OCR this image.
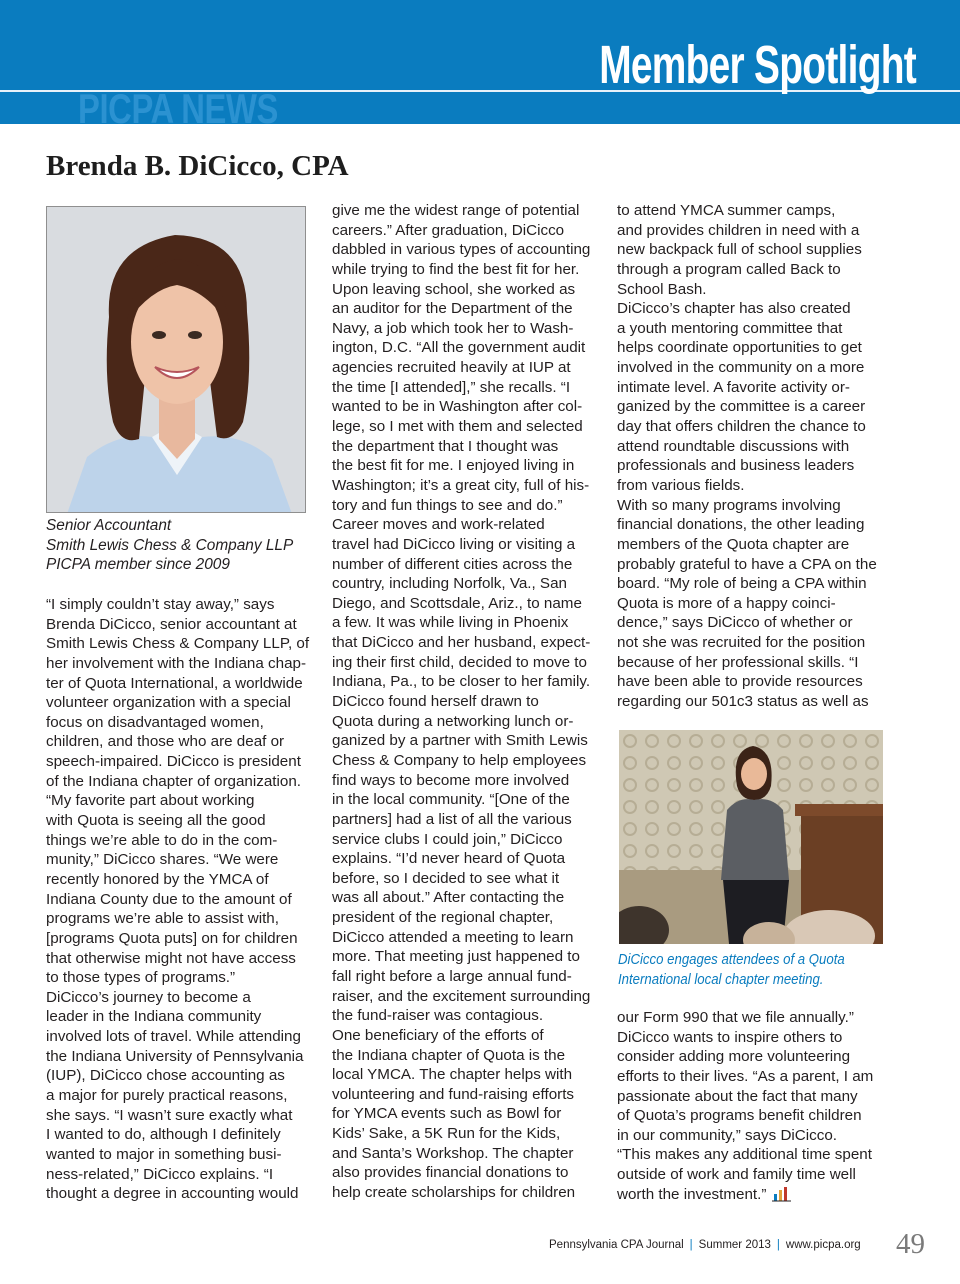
Member Spotlight
PICPA NEWS
Brenda B. DiCicco, CPA
Senior Accountant
Smith Lewis Chess & Company LLP
PICPA member since 2009
“I simply couldn’t stay away,” says
Brenda DiCicco, senior accountant at
Smith Lewis Chess & Company LLP, of
her involvement with the Indiana chap-
ter of Quota International, a worldwide
volunteer organization with a special
focus on disadvantaged women,
children, and those who are deaf or
speech-impaired. DiCicco is president
of the Indiana chapter of organization.
“My favorite part about working
with Quota is seeing all the good
things we’re able to do in the com-
munity,” DiCicco shares. “We were
recently honored by the YMCA of
Indiana County due to the amount of
programs we’re able to assist with,
[programs Quota puts] on for children
that otherwise might not have access
to those types of programs.”
DiCicco’s journey to become a
leader in the Indiana community
involved lots of travel. While attending
the Indiana University of Pennsylvania
(IUP), DiCicco chose accounting as
a major for purely practical reasons,
she says. “I wasn’t sure exactly what
I wanted to do, although I definitely
wanted to major in something busi-
ness-related,” DiCicco explains. “I
thought a degree in accounting would
give me the widest range of potential
careers.” After graduation, DiCicco
dabbled in various types of accounting
while trying to find the best fit for her.
Upon leaving school, she worked as
an auditor for the Department of the
Navy, a job which took her to Wash-
ington, D.C. “All the government audit
agencies recruited heavily at IUP at
the time [I attended],” she recalls. “I
wanted to be in Washington after col-
lege, so I met with them and selected
the department that I thought was
the best fit for me. I enjoyed living in
Washington; it’s a great city, full of his-
tory and fun things to see and do.”
Career moves and work-related
travel had DiCicco living or visiting a
number of different cities across the
country, including Norfolk, Va., San
Diego, and Scottsdale, Ariz., to name
a few. It was while living in Phoenix
that DiCicco and her husband, expect-
ing their first child, decided to move to
Indiana, Pa., to be closer to her family.
DiCicco found herself drawn to
Quota during a networking lunch or-
ganized by a partner with Smith Lewis
Chess & Company to help employees
find ways to become more involved
in the local community. “[One of the
partners] had a list of all the various
service clubs I could join,” DiCicco
explains. “I’d never heard of Quota
before, so I decided to see what it
was all about.” After contacting the
president of the regional chapter,
DiCicco attended a meeting to learn
more. That meeting just happened to
fall right before a large annual fund-
raiser, and the excitement surrounding
the fund-raiser was contagious.
One beneficiary of the efforts of
the Indiana chapter of Quota is the
local YMCA. The chapter helps with
volunteering and fund-raising efforts
for YMCA events such as Bowl for
Kids’ Sake, a 5K Run for the Kids,
and Santa’s Workshop. The chapter
also provides financial donations to
help create scholarships for children
to attend YMCA summer camps,
and provides children in need with a
new backpack full of school supplies
through a program called Back to
School Bash.
DiCicco’s chapter has also created
a youth mentoring committee that
helps coordinate opportunities to get
involved in the community on a more
intimate level. A favorite activity or-
ganized by the committee is a career
day that offers children the chance to
attend roundtable discussions with
professionals and business leaders
from various fields.
With so many programs involving
financial donations, the other leading
members of the Quota chapter are
probably grateful to have a CPA on the
board. “My role of being a CPA within
Quota is more of a happy coinci-
dence,” says DiCicco of whether or
not she was recruited for the position
because of her professional skills. “I
have been able to provide resources
regarding our 501c3 status as well as
DiCicco engages attendees of a Quota
International local chapter meeting.
our Form 990 that we file annually.”
DiCicco wants to inspire others to
consider adding more volunteering
efforts to their lives. “As a parent, I am
passionate about the fact that many
of Quota’s programs benefit children
in our community,” says DiCicco.
“This makes any additional time spent
outside of work and family time well
worth the investment.”
Pennsylvania CPA Journal | Summer 2013 | www.picpa.org 49
